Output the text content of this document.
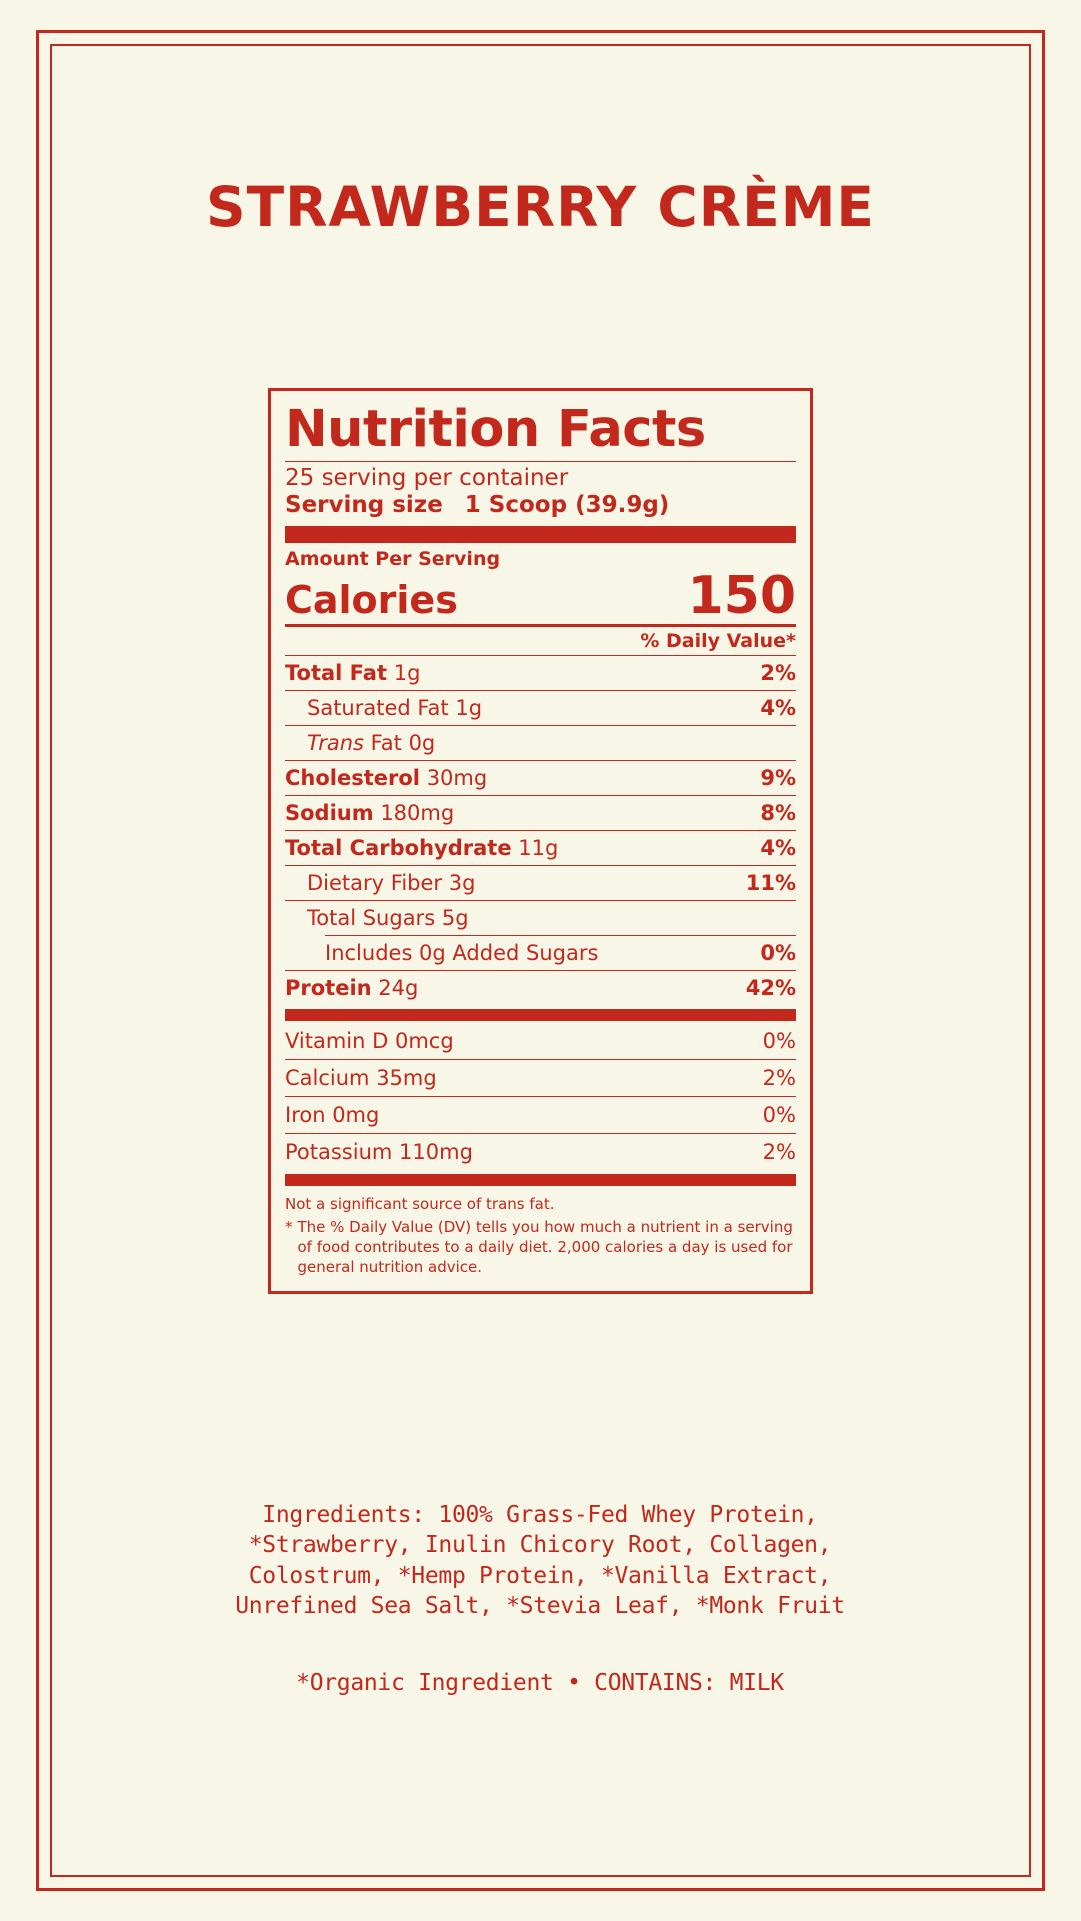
STRAWBERRY CRÈME
Nutrition Facts
25 serving per container
Serving size 1 Scoop (39.9g)
Amount Per Serving
Calories	150
% Daily Value*
Total Fat 1g	2%
Saturated Fat 1g	4%
Trans Fat 0g
Cholesterol 30mg	9%
Sodium 180mg	8%
Total Carbohydrate 11g	4%
Dietary Fiber 3g	11%
Total Sugars 5g
Includes 0g Added Sugars	0%
Protein 24g	42%
Vitamin D 0mcg	0%
Calcium 35mg	2%
Iron 0mg	0%
Potassium 110mg	2%
Not a significant source of trans fat.
* The % Daily Value (DV) tells you how much a nutrient in a serving of food contributes to a daily diet. 2,000 calories a day is used for general nutrition advice.
Ingredients: 100% Grass-Fed Whey Protein, *Strawberry, Inulin Chicory Root, Collagen, Colostrum, *Hemp Protein, *Vanilla Extract, Unrefined Sea Salt, *Stevia Leaf, *Monk Fruit
*Organic Ingredient • CONTAINS: MILK
